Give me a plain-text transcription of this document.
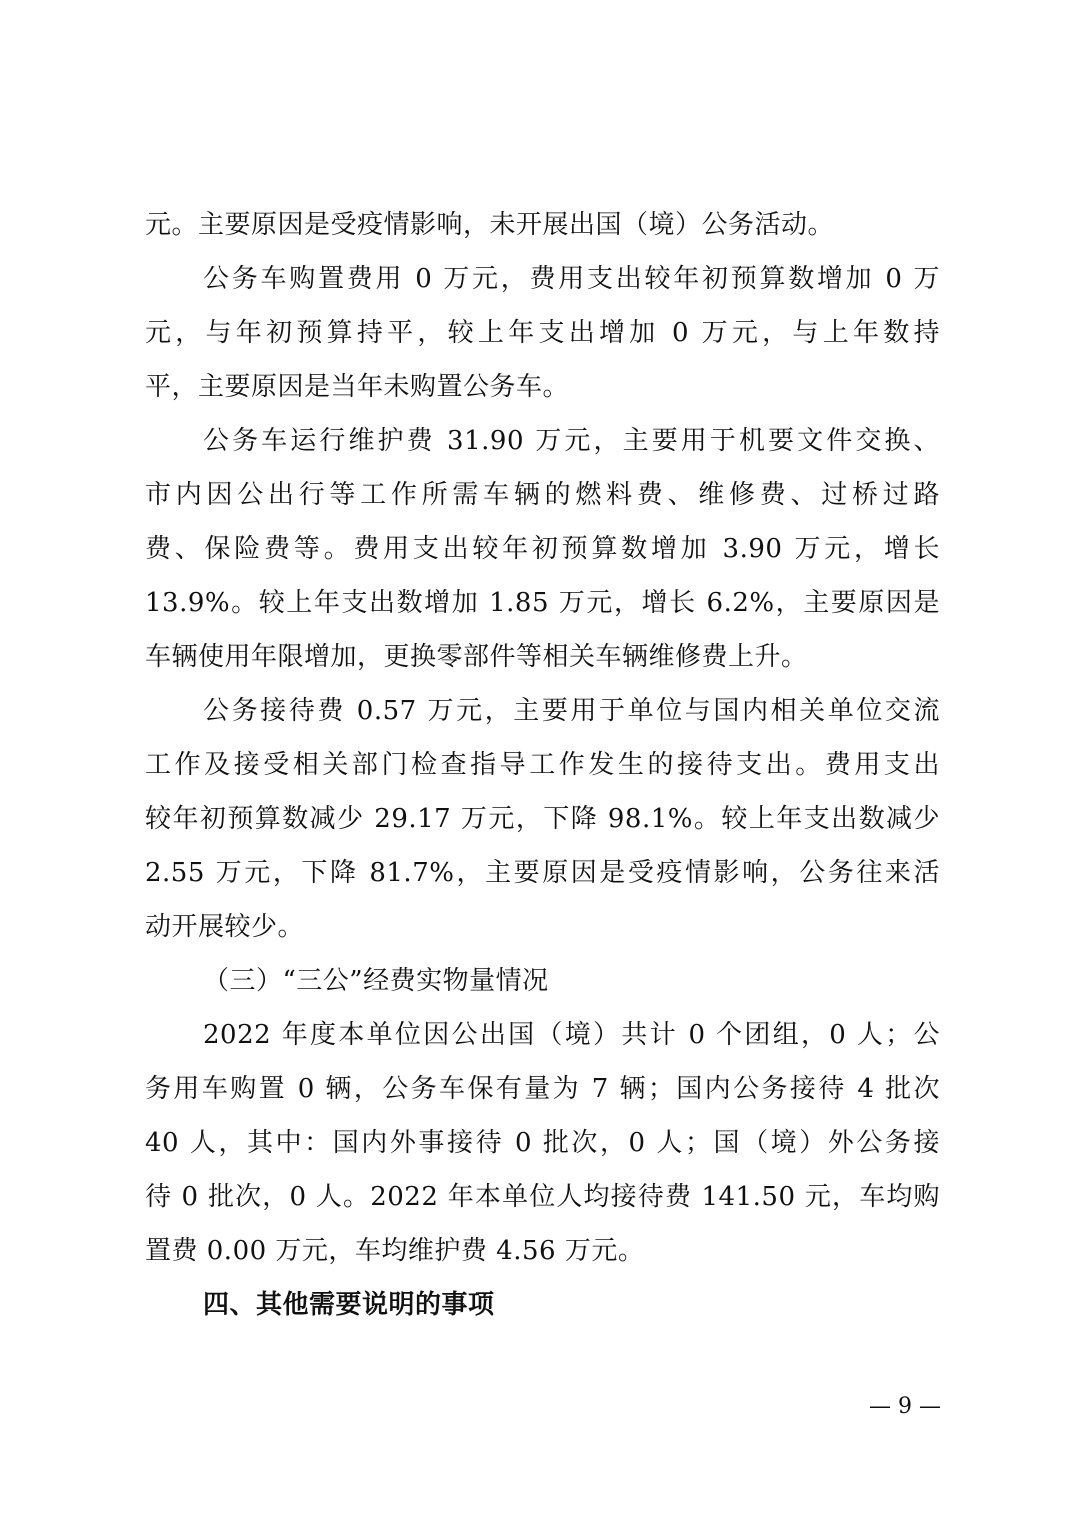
元。主要原因是受疫情影响，未开展出国（境）公务活动。
公务车购置费用 0 万元，费用支出较年初预算数增加 0 万
元，与年初预算持平，较上年支出增加 0 万元，与上年数持
平，主要原因是当年未购置公务车。
公务车运行维护费 31.90 万元，主要用于机要文件交换、
市内因公出行等工作所需车辆的燃料费、维修费、过桥过路
费、保险费等。费用支出较年初预算数增加 3.90 万元，增长
13.9%。较上年支出数增加 1.85 万元，增长 6.2%，主要原因是
车辆使用年限增加，更换零部件等相关车辆维修费上升。
公务接待费 0.57 万元，主要用于单位与国内相关单位交流
工作及接受相关部门检查指导工作发生的接待支出。费用支出
较年初预算数减少 29.17 万元，下降 98.1%。较上年支出数减少
2.55 万元，下降 81.7%，主要原因是受疫情影响，公务往来活
动开展较少。
（三）“三公”经费实物量情况
2022 年度本单位因公出国（境）共计 0 个团组，0 人；公
务用车购置 0 辆，公务车保有量为 7 辆；国内公务接待 4 批次
40 人，其中：国内外事接待 0 批次，0 人；国（境）外公务接
待 0 批次，0 人。2022 年本单位人均接待费 141.50 元，车均购
置费 0.00 万元，车均维护费 4.56 万元。
四、其他需要说明的事项
— 9 —
